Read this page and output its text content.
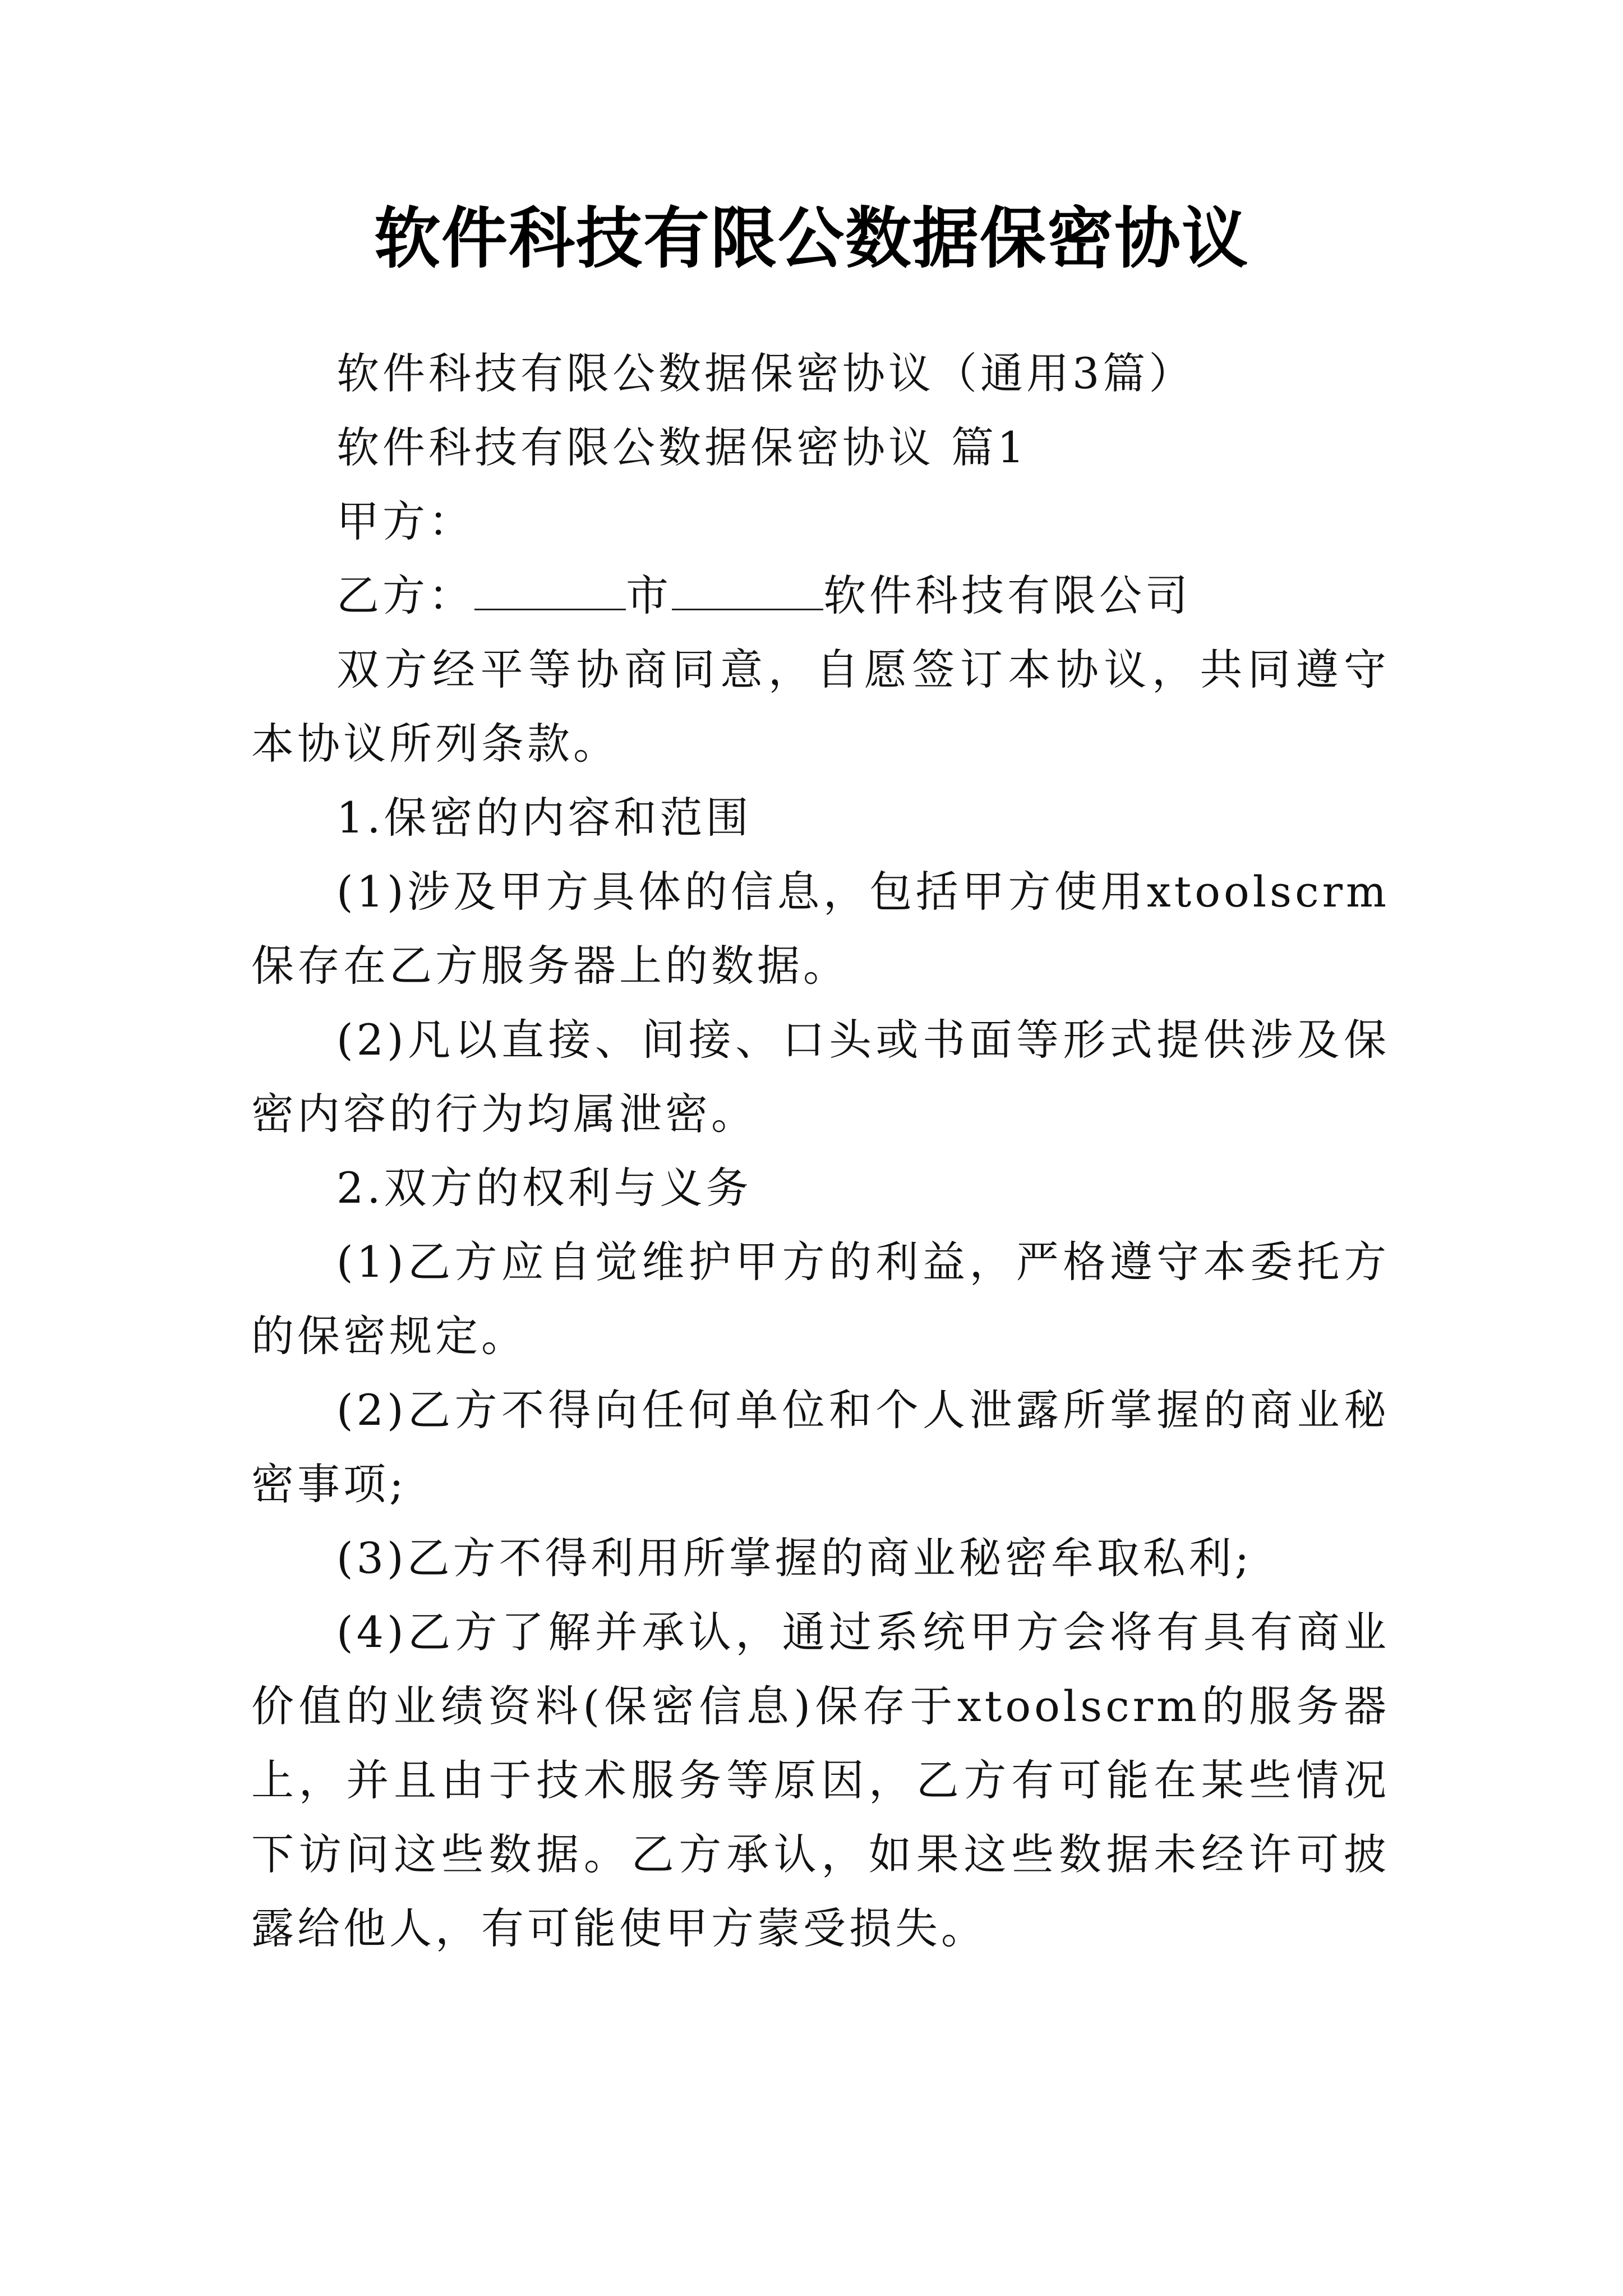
软件科技有限公数据保密协议

软件科技有限公数据保密协议（通用3篇）

软件科技有限公数据保密协议 篇1

甲方：

乙方：	市	软件科技有限公司

双方经平等协商同意，自愿签订本协议，共同遵守本协议所列条款。

1.保密的内容和范围

(1)涉及甲方具体的信息，包括甲方使用xtoolscrm保存在乙方服务器上的数据。

(2)凡以直接、间接、口头或书面等形式提供涉及保密内容的行为均属泄密。

2.双方的权利与义务

(1)乙方应自觉维护甲方的利益，严格遵守本委托方的保密规定。

(2)乙方不得向任何单位和个人泄露所掌握的商业秘密事项;

(3)乙方不得利用所掌握的商业秘密牟取私利;

(4)乙方了解并承认，通过系统甲方会将有具有商业价值的业绩资料(保密信息)保存于xtoolscrm的服务器上，并且由于技术服务等原因，乙方有可能在某些情况下访问这些数据。乙方承认，如果这些数据未经许可披露给他人，有可能使甲方蒙受损失。
